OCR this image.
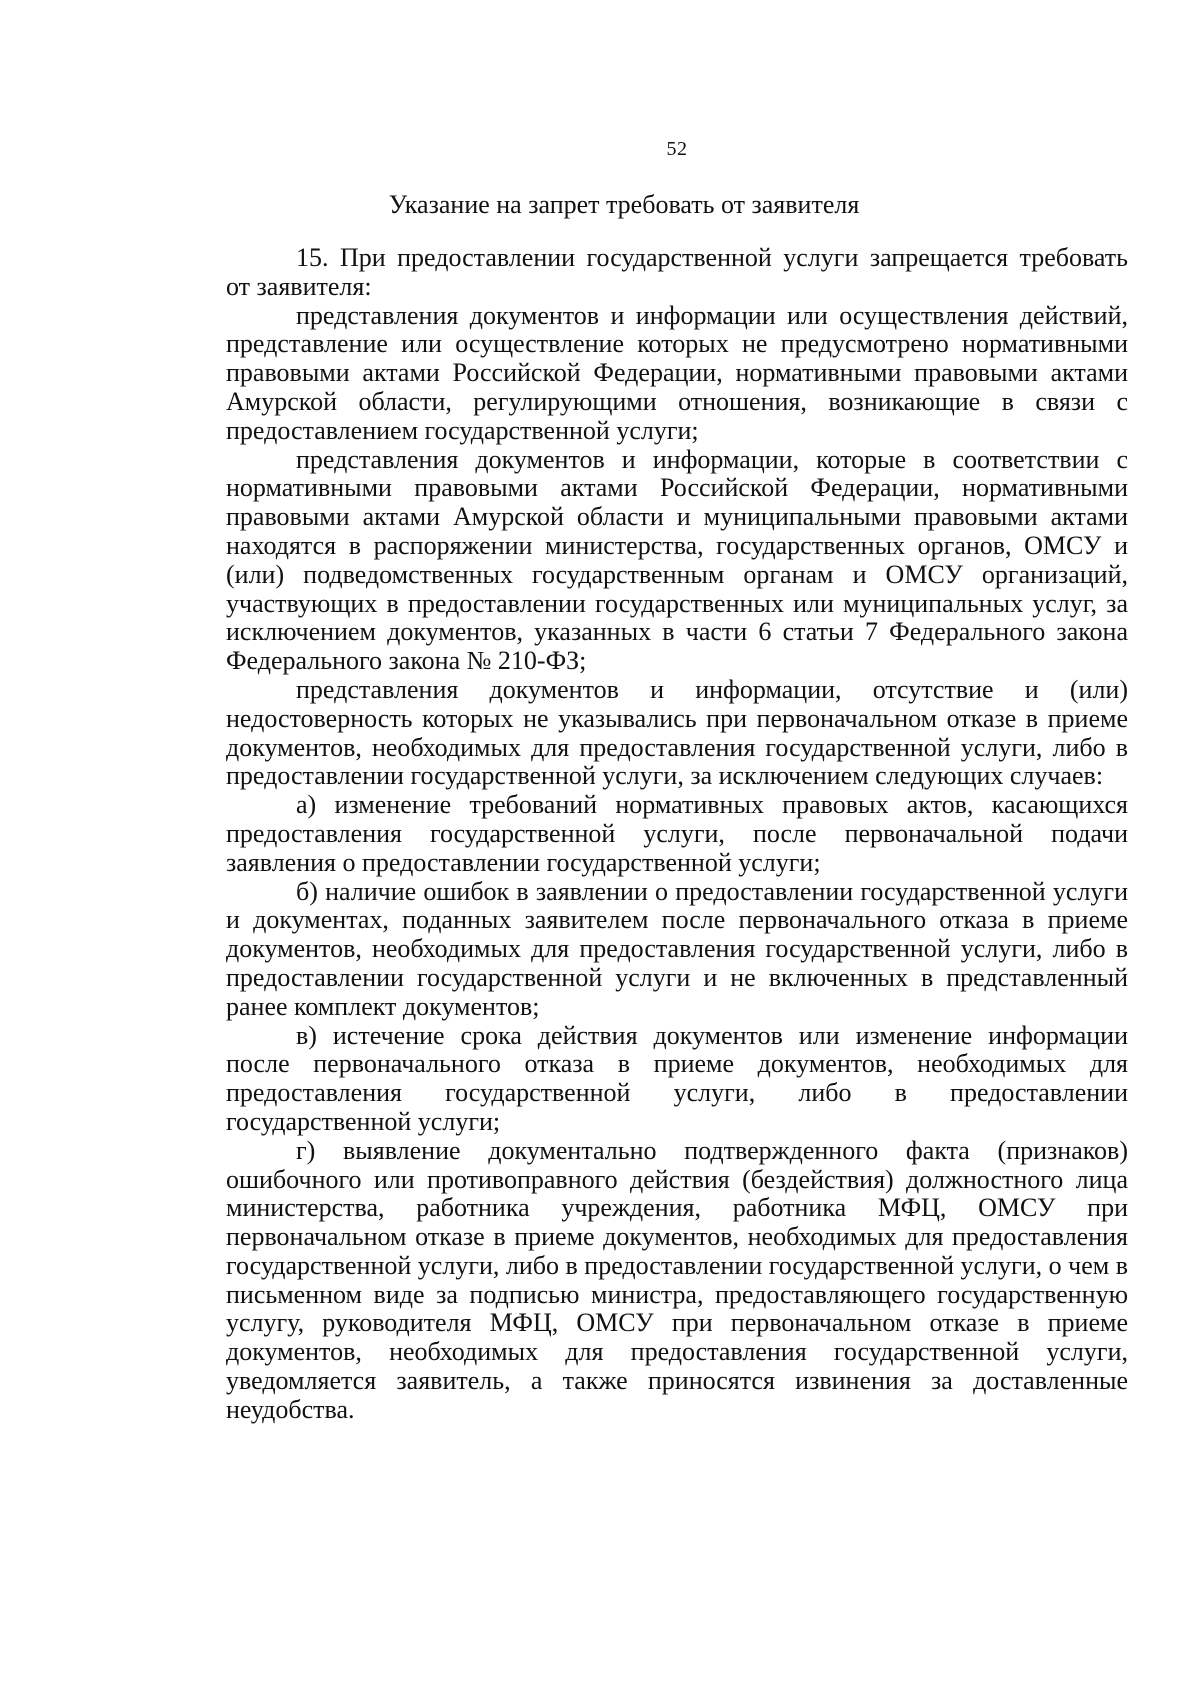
52
Указание на запрет требовать от заявителя

15. При предоставлении государственной услуги запрещается требовать от заявителя:

представления документов и информации или осуществления действий, представление или осуществление которых не предусмотрено нормативными правовыми актами Российской Федерации, нормативными правовыми актами Амурской области, регулирующими отношения, возникающие в связи с предоставлением государственной услуги;

представления документов и информации, которые в соответствии с нормативными правовыми актами Российской Федерации, нормативными правовыми актами Амурской области и муниципальными правовыми актами находятся в распоряжении министерства, государственных органов, ОМСУ и (или) подведомственных государственным органам и ОМСУ организаций, участвующих в предоставлении государственных или муниципальных услуг, за исключением документов, указанных в части 6 статьи 7 Федерального закона Федерального закона № 210-ФЗ;

представления документов и информации, отсутствие и (или) недостоверность которых не указывались при первоначальном отказе в приеме документов, необходимых для предоставления государственной услуги, либо в предоставлении государственной услуги, за исключением следующих случаев:

а) изменение требований нормативных правовых актов, касающихся предоставления государственной услуги, после первоначальной подачи заявления о предоставлении государственной услуги;

б) наличие ошибок в заявлении о предоставлении государственной услуги и документах, поданных заявителем после первоначального отказа в приеме документов, необходимых для предоставления государственной услуги, либо в предоставлении государственной услуги и не включенных в представленный ранее комплект документов;

в) истечение срока действия документов или изменение информации после первоначального отказа в приеме документов, необходимых для предоставления государственной услуги, либо в предоставлении государственной услуги;

г) выявление документально подтвержденного факта (признаков) ошибочного или противоправного действия (бездействия) должностного лица министерства, работника учреждения, работника МФЦ, ОМСУ при первоначальном отказе в приеме документов, необходимых для предоставления государственной услуги, либо в предоставлении государственной услуги, о чем в письменном виде за подписью министра, предоставляющего государственную услугу, руководителя МФЦ, ОМСУ при первоначальном отказе в приеме документов, необходимых для предоставления государственной услуги, уведомляется заявитель, а также приносятся извинения за доставленные неудобства.
